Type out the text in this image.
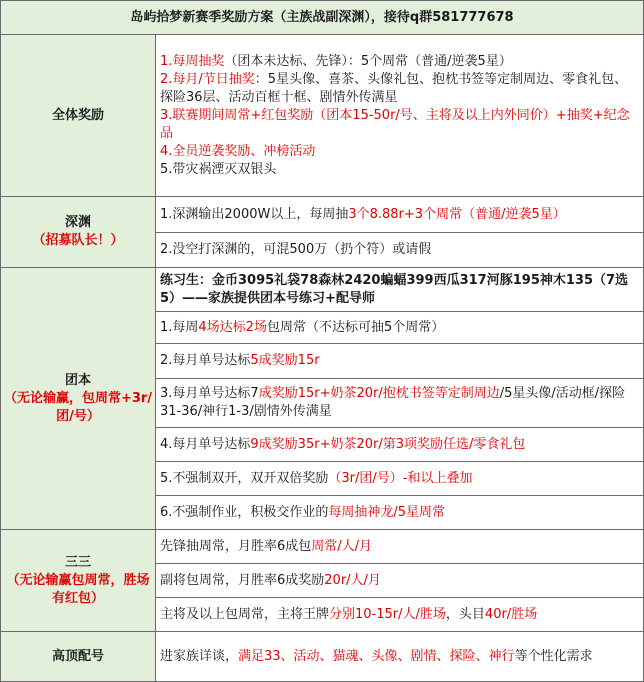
岛屿拾梦新赛季奖励方案（主族战副深渊），接待q群581777678	
全体奖励	1.每周抽奖（团本未达标、先锋）：5个周常（普通/逆袭5星）
2.每月/节日抽奖：5星头像、喜茶、头像礼包、抱枕书签等定制周边、零食礼包、探险36层、活动百框十框、剧情外传满星
3.联赛期间周常+红包奖励（团本15-50r/号、主将及以上内外同价）+抽奖+纪念品
4.全员逆袭奖励、冲榜活动
5.带灾祸湮灭双银头

深渊
（招募队长！）	1.深渊输出2000W以上，每周抽3个8.88r+3个周常（普通/逆袭5星）
	2.没空打深渊的，可混500万（扔个符）或请假
团本
（无论输赢，包周常+3r/团/号）	练习生：金币3095礼袋78森林2420蝙蝠399西瓜317河豚195神木135（7选5）——家族提供团本号练习+配导师
	1.每周4场达标2场包周常（不达标可抽5个周常）
	2.每月单号达标5成奖励15r
	3.每月单号达标7成奖励15r+奶茶20r/抱枕书签等定制周边/5星头像/活动框/探险31-36/神行1-3/剧情外传满星
	4.每月单号达标9成奖励35r+奶茶20r/第3项奖励任选/零食礼包
	5.不强制双开，双开双倍奖励（3r/团/号）-和以上叠加
	6.不强制作业，积极交作业的每周抽神龙/5星周常
三三
（无论输赢包周常，胜场有红包）	先锋抽周常，月胜率6成包周常/人/月
	副将包周常，月胜率6成奖励20r/人/月
	主将及以上包周常，主将王牌分别10-15r/人/胜场，头目40r/胜场
高顶配号	进家族详谈，满足33、活动、猫魂、头像、剧情、探险、神行等个性化需求
